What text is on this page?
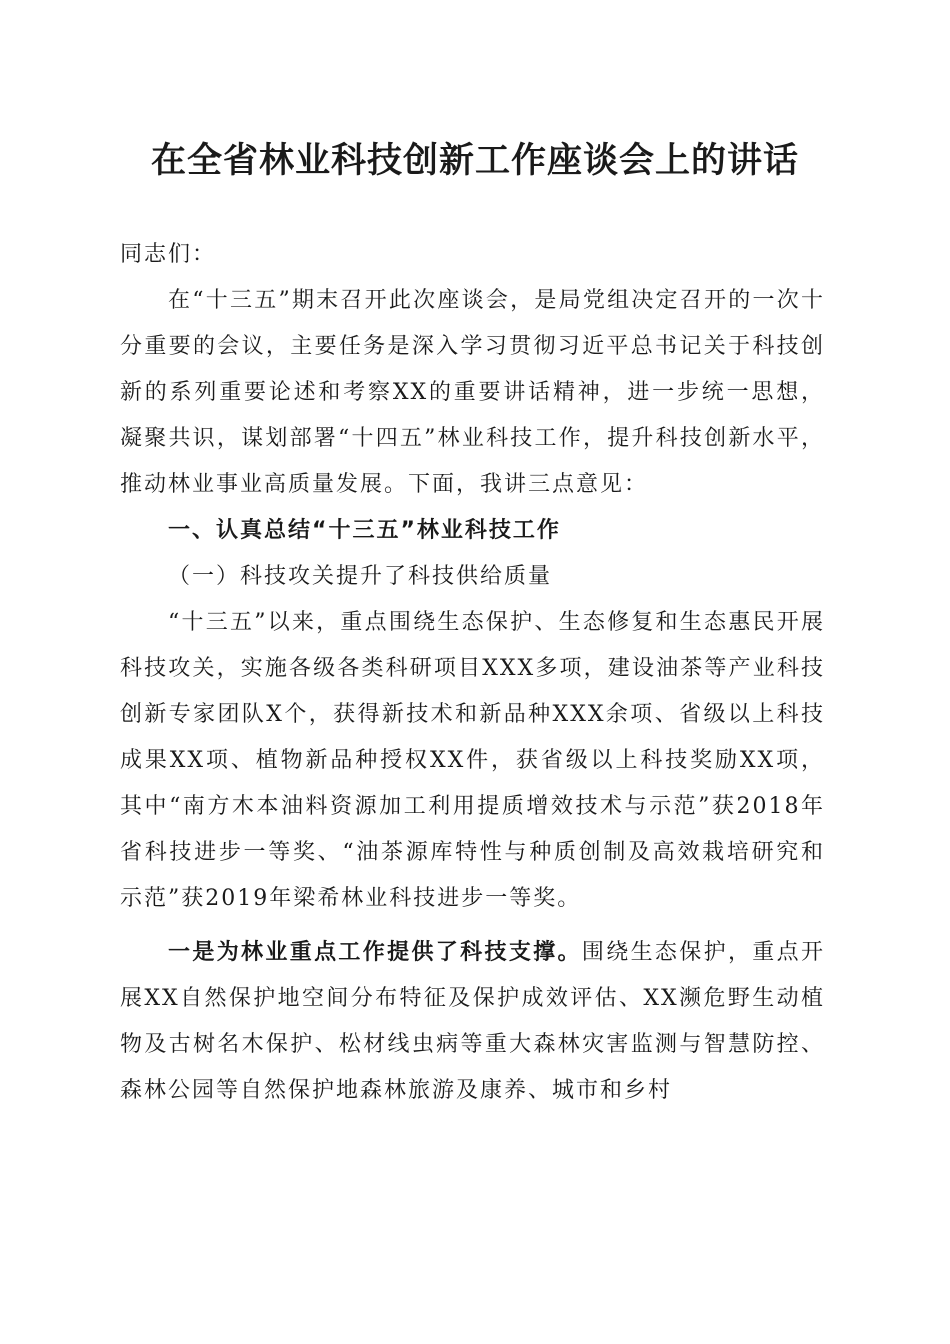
在全省林业科技创新工作座谈会上的讲话

同志们：

在“十三五”期末召开此次座谈会，是局党组决定召开的一次十分重要的会议，主要任务是深入学习贯彻习近平总书记关于科技创新的系列重要论述和考察XX的重要讲话精神，进一步统一思想，凝聚共识，谋划部署“十四五”林业科技工作，提升科技创新水平，推动林业事业高质量发展。下面，我讲三点意见：

一、认真总结“十三五”林业科技工作

（一）科技攻关提升了科技供给质量

“十三五”以来，重点围绕生态保护、生态修复和生态惠民开展科技攻关，实施各级各类科研项目XXX多项，建设油茶等产业科技创新专家团队X个，获得新技术和新品种XXX余项、省级以上科技成果XX项、植物新品种授权XX件，获省级以上科技奖励XX项，其中“南方木本油料资源加工利用提质增效技术与示范”获2018年省科技进步一等奖、“油茶源库特性与种质创制及高效栽培研究和示范”获2019年梁希林业科技进步一等奖。

一是为林业重点工作提供了科技支撑。围绕生态保护，重点开展XX自然保护地空间分布特征及保护成效评估、XX濒危野生动植物及古树名木保护、松材线虫病等重大森林灾害监测与智慧防控、森林公园等自然保护地森林旅游及康养、城市和乡村
